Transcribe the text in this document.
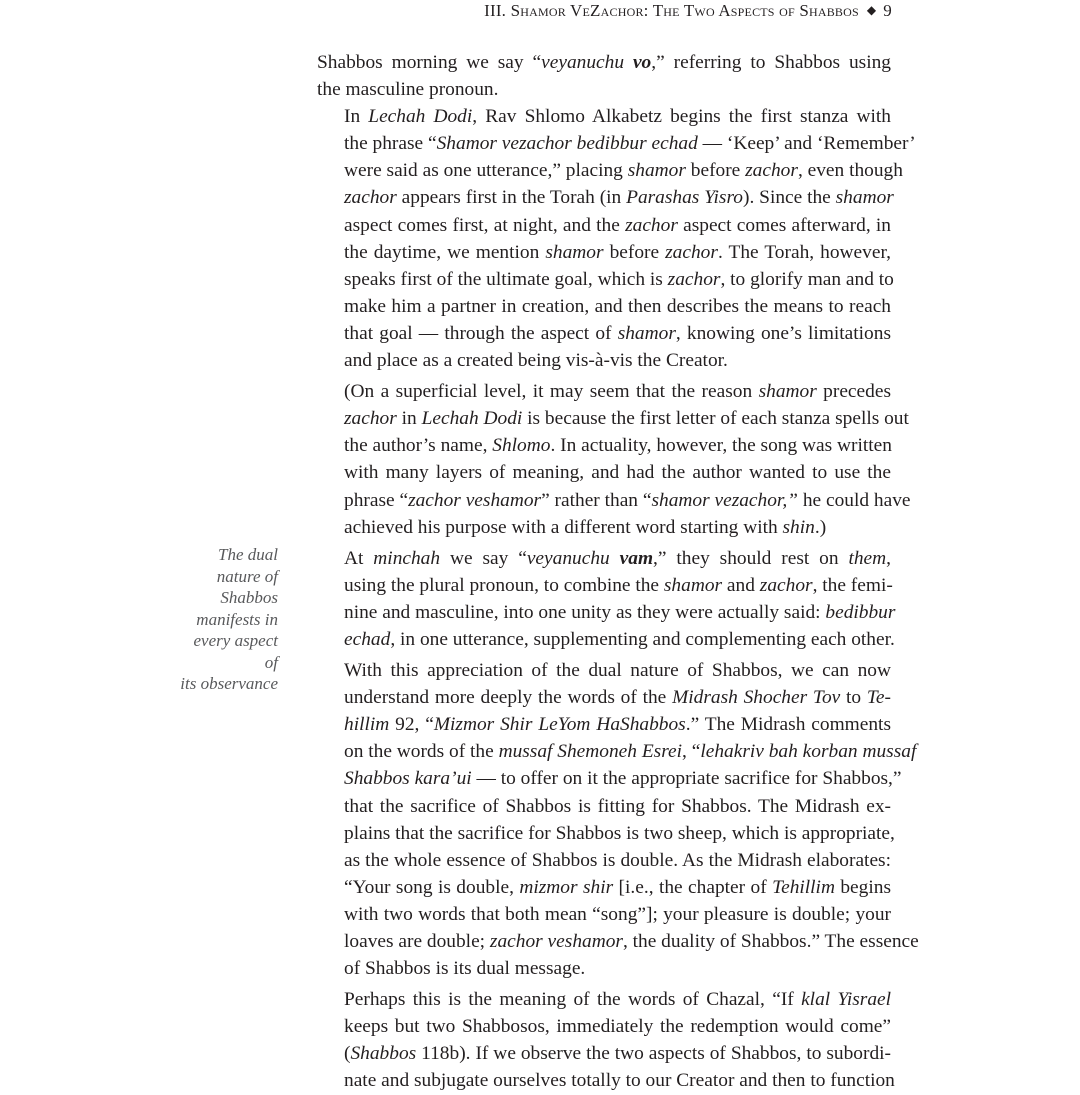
III. Shamor VeZachor: The Two Aspects of Shabbos ◆ 9
The dual
nature of
Shabbos
manifests in
every aspect of
its observance

Shabbos morning we say “veyanuchu vo,” referring to Shabbos using
the masculine pronoun.

In Lechah Dodi, Rav Shlomo Alkabetz begins the first stanza with
the phrase “Shamor vezachor bedibbur echad — ‘Keep’ and ‘Remember’
were said as one utterance,” placing shamor before zachor, even though
zachor appears first in the Torah (in Parashas Yisro). Since the shamor
aspect comes first, at night, and the zachor aspect comes afterward, in
the daytime, we mention shamor before zachor. The Torah, however,
speaks first of the ultimate goal, which is zachor, to glorify man and to
make him a partner in creation, and then describes the means to reach
that goal — through the aspect of shamor, knowing one’s limitations
and place as a created being vis-à-vis the Creator.

(On a superficial level, it may seem that the reason shamor precedes
zachor in Lechah Dodi is because the first letter of each stanza spells out
the author’s name, Shlomo. In actuality, however, the song was written
with many layers of meaning, and had the author wanted to use the
phrase “zachor veshamor” rather than “shamor vezachor,” he could have
achieved his purpose with a different word starting with shin.)

At minchah we say “veyanuchu vam,” they should rest on them,
using the plural pronoun, to combine the shamor and zachor, the femi-
nine and masculine, into one unity as they were actually said: bedibbur
echad, in one utterance, supplementing and complementing each other.

With this appreciation of the dual nature of Shabbos, we can now
understand more deeply the words of the Midrash Shocher Tov to Te-
hillim 92, “Mizmor Shir LeYom HaShabbos.” The Midrash comments
on the words of the mussaf Shemoneh Esrei, “lehakriv bah korban mussaf
Shabbos kara’ui — to offer on it the appropriate sacrifice for Shabbos,”
that the sacrifice of Shabbos is fitting for Shabbos. The Midrash ex-
plains that the sacrifice for Shabbos is two sheep, which is appropriate,
as the whole essence of Shabbos is double. As the Midrash elaborates:
“Your song is double, mizmor shir [i.e., the chapter of Tehillim begins
with two words that both mean “song”]; your pleasure is double; your
loaves are double; zachor veshamor, the duality of Shabbos.” The essence
of Shabbos is its dual message.

Perhaps this is the meaning of the words of Chazal, “If klal Yisrael
keeps but two Shabbosos, immediately the redemption would come”
(Shabbos 118b). If we observe the two aspects of Shabbos, to subordi-
nate and subjugate ourselves totally to our Creator and then to function
